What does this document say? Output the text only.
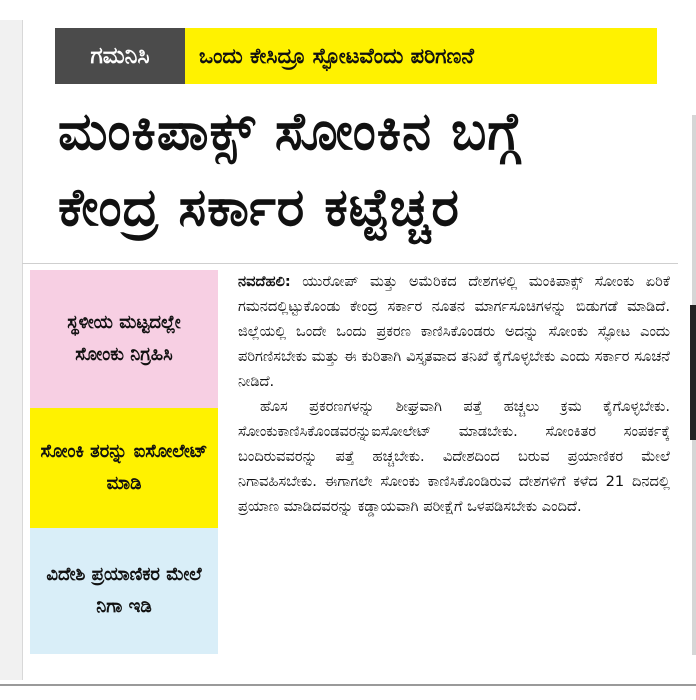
ಗಮನಿಸಿ	ಒಂದು ಕೇಸಿದ್ರೂ ಸ್ಫೋಟವೆಂದು ಪರಿಗಣನೆ
ಮಂಕಿಪಾಕ್ಸ್‌ ಸೋಂಕಿನ ಬಗ್ಗೆ
ಕೇಂದ್ರ ಸರ್ಕಾರ ಕಟ್ಟೆಚ್ಚರ
ಸ್ಥಳೀಯ ಮಟ್ಟದಲ್ಲೇ ಸೋಂಕು ನಿಗ್ರಹಿಸಿ
ಸೋಂಕಿ ತರನ್ನು ಐಸೋಲೇಟ್ ಮಾಡಿ
ವಿದೇಶಿ ಪ್ರಯಾಣಿಕರ ಮೇಲೆ ನಿಗಾ ಇಡಿ

ನವದೆಹಲಿ: ಯುರೋಪ್ ಮತ್ತು ಅಮೆರಿಕದ ದೇಶಗಳಲ್ಲಿ ಮಂಕಿಪಾಕ್ಸ್ ಸೋಂಕು ಏರಿಕೆ ಗಮನದಲ್ಲಿಟ್ಟುಕೊಂಡು ಕೇಂದ್ರ ಸರ್ಕಾರ ನೂತನ ಮಾರ್ಗಸೂಚಿಗಳನ್ನು ಬಿಡುಗಡೆ ಮಾಡಿದೆ. ಜಿಲ್ಲೆಯಲ್ಲಿ ಒಂದೇ ಒಂದು ಪ್ರಕರಣ ಕಾಣಿಸಿಕೊಂಡರು ಅದನ್ನು ಸೋಂಕು ಸ್ಫೋಟ ಎಂದು ಪರಿಗಣಿಸಬೇಕು ಮತ್ತು ಈ ಕುರಿತಾಗಿ ವಿಸ್ತೃತವಾದ ತನಿಖೆ ಕೈಗೊಳ್ಳಬೇಕು ಎಂದು ಸರ್ಕಾರ ಸೂಚನೆ ನೀಡಿದೆ.

ಹೊಸ ಪ್ರಕರಣಗಳನ್ನು ಶೀಘ್ರವಾಗಿ ಪತ್ತೆ ಹಚ್ಚಲು ಕ್ರಮ ಕೈಗೊಳ್ಳಬೇಕು. ಸೋಂಕುಕಾಣಿಸಿಕೊಂಡವರನ್ನುಐಸೋಲೇಟ್ ಮಾಡಬೇಕು. ಸೋಂಕಿತರ ಸಂಪರ್ಕಕ್ಕೆ ಬಂದಿರುವವರನ್ನು ಪತ್ತೆ ಹಚ್ಚಬೇಕು. ವಿದೇಶದಿಂದ ಬರುವ ಪ್ರಯಾಣಿಕರ ಮೇಲೆ ನಿಗಾವಹಿಸಬೇಕು. ಈಗಾಗಲೇ ಸೋಂಕು ಕಾಣಿಸಿಕೊಂಡಿರುವ ದೇಶಗಳಿಗೆ ಕಳೆದ 21 ದಿನದಲ್ಲಿ ಪ್ರಯಾಣ ಮಾಡಿದವರನ್ನು ಕಡ್ಡಾಯವಾಗಿ ಪರೀಕ್ಷೆಗೆ ಒಳಪಡಿಸಬೇಕು ಎಂದಿದೆ.
